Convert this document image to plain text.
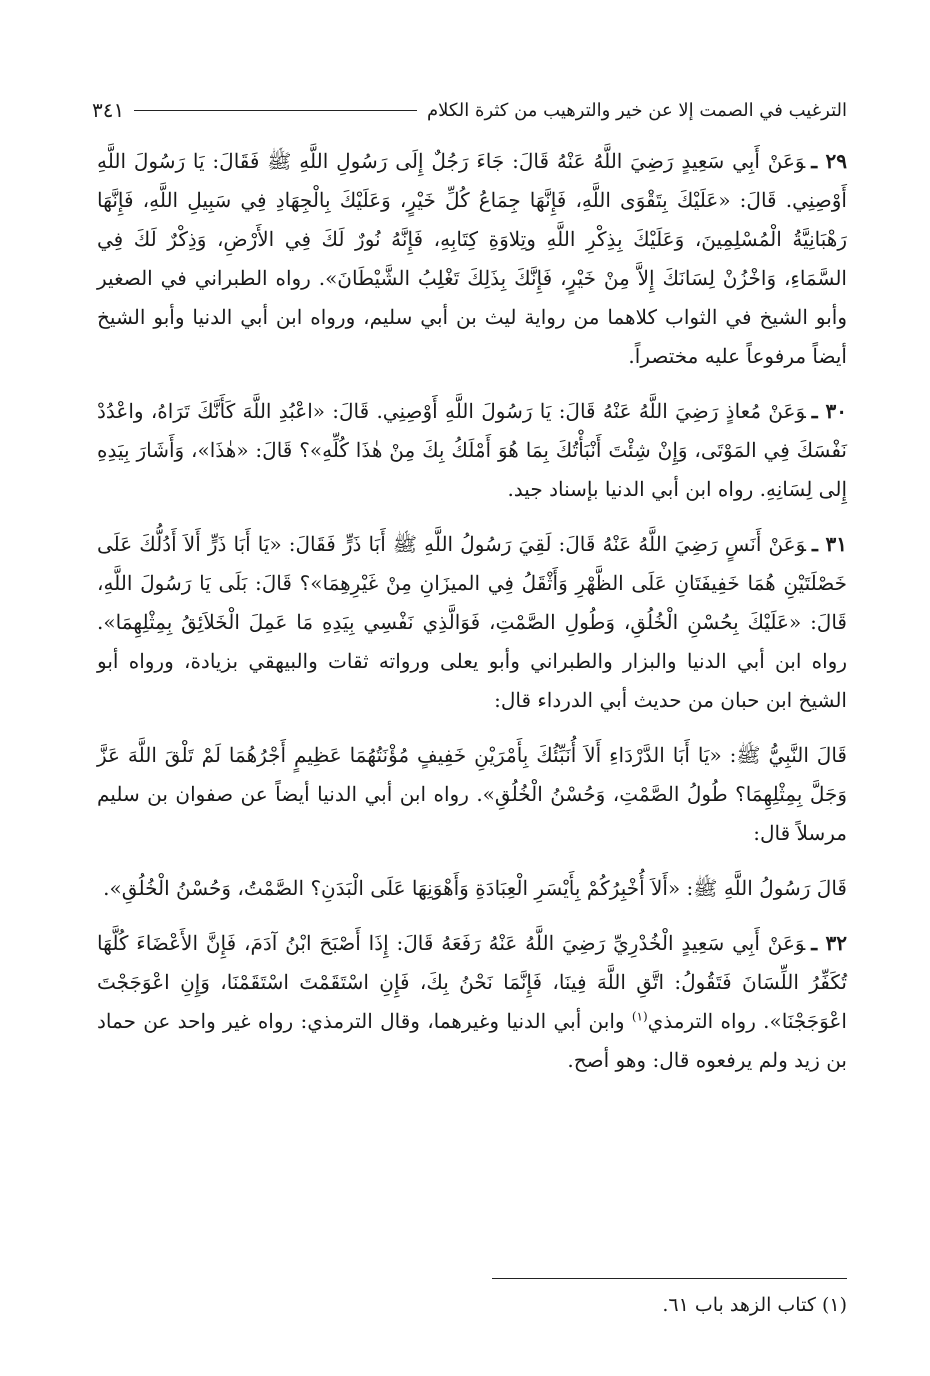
الترغيب في الصمت إلا عن خير والترهيب من كثرة الكلام
٣٤١

٢٩ ـوَعَنْ أَبِي سَعِيدٍ رَضِيَ اللَّهُ عَنْهُ قَالَ: جَاءَ رَجُلٌ إِلَى رَسُولِ اللَّهِ ﷺ فَقَالَ: يَا رَسُولَ اللَّهِ أَوْصِنِي. قَالَ: «عَلَيْكَ بِتَقْوَى اللَّهِ، فَإِنَّهَا جِمَاعُ كُلِّ خَيْرٍ، وَعَلَيْكَ بِالْجِهَادِ فِي سَبِيلِ اللَّهِ، فَإِنَّهَا رَهْبَانِيَّةُ الْمُسْلِمِينَ، وَعَلَيْكَ بِذِكْرِ اللَّهِ وتِلاوَةِ كِتَابِهِ، فَإِنَّهُ نُورٌ لَكَ فِي الأَرْضِ، وَذِكْرٌ لَكَ فِي السَّمَاءِ، وَاخْزُنْ لِسَانَكَ إِلاَّ مِنْ خَيْرٍ، فَإِنَّكَ بِذَلِكَ تَغْلِبُ الشَّيْطَانَ». رواه الطبراني في الصغير وأبو الشيخ في الثواب كلاهما من رواية ليث بن أبي سليم، ورواه ابن أبي الدنيا وأبو الشيخ أيضاً مرفوعاً عليه مختصراً.

٣٠ ـوَعَنْ مُعاذٍ رَضِيَ اللَّهُ عَنْهُ قَالَ: يَا رَسُولَ اللَّهِ أَوْصِنِي. قَالَ: «اعْبُدِ اللَّهَ كَأَنَّكَ تَرَاهُ، واعْدُدْ نَفْسَكَ فِي المَوْتَى، وَإِنْ شِئْتَ أَنْبَأْتُكَ بِمَا هُوَ أَمْلَكُ بِكَ مِنْ هٰذَا كُلِّهِ»؟ قَالَ: «هٰذَا»، وَأَشَارَ بِيَدِهِ إِلى لِسَانِهِ. رواه ابن أبي الدنيا بإسناد جيد.

٣١ ـوَعَنْ أَنَسٍ رَضِيَ اللَّهُ عَنْهُ قَالَ: لَقِيَ رَسُولُ اللَّهِ ﷺ أَبَا ذَرٍّ فَقَالَ: «يَا أَبَا ذَرٍّ أَلاَ أَدُلُّكَ عَلَى خَصْلَتَيْنِ هُمَا خَفِيفَتَانِ عَلَى الظَّهْرِ وَأَثْقَلُ فِي الميزَانِ مِنْ غَيْرِهِمَا»؟ قَالَ: بَلَى يَا رَسُولَ اللَّهِ، قَالَ: «عَلَيْكَ بِحُسْنِ الْخُلُقِ، وَطُولِ الصَّمْتِ، فَوَالَّذِي نَفْسِي بِيَدِهِ مَا عَمِلَ الْخَلاَئِقُ بِمِثْلِهِمَا». رواه ابن أبي الدنيا والبزار والطبراني وأبو يعلى ورواته ثقات والبيهقي بزيادة، ورواه أبو الشيخ ابن حبان من حديث أبي الدرداء قال:

قَالَ النَّبِيُّ ﷺ: «يَا أَبَا الدَّرْدَاءِ أَلاَ أُنَبِّئُكَ بِأَمْرَيْنِ خَفِيفٍ مُؤْنَتُهُمَا عَظِيمٍ أَجْرُهُمَا لَمْ تَلْقَ اللَّهَ عَزَّ وَجَلَّ بِمِثْلِهِمَا؟ طُولُ الصَّمْتِ، وَحُسْنُ الْخُلُقِ». رواه ابن أبي الدنيا أيضاً عن صفوان بن سليم مرسلاً قال:

قَالَ رَسُولُ اللَّهِ ﷺ: «أَلاَ أُخْبِرُكُمْ بِأَيْسَرِ الْعِبَادَةِ وَأَهْوَنِهَا عَلَى الْبَدَنِ؟ الصَّمْتُ، وَحُسْنُ الْخُلُقِ».

٣٢ ـوَعَنْ أَبِي سَعِيدٍ الْخُدْرِيِّ رَضِيَ اللَّهُ عَنْهُ رَفَعَهُ قَالَ: إِذَا أَصْبَحَ ابْنُ آدَمَ، فَإِنَّ الأَعْضَاءَ كُلَّهَا تُكَفِّرُ اللِّسَانَ فَتَقُولُ: اتَّقِ اللَّهَ فِينَا، فَإِنَّمَا نَحْنُ بِكَ، فَإِنِ اسْتَقَمْتَ اسْتَقَمْنَا، وَإِنِ اعْوَجَجْتَ اعْوَجَجْنَا». رواه الترمذي$^{(١)}$ وابن أبي الدنيا وغيرهما، وقال الترمذي: رواه غير واحد عن حماد بن زيد ولم يرفعوه قال: وهو أصح.

(١) كتاب الزهد باب ٦١.
